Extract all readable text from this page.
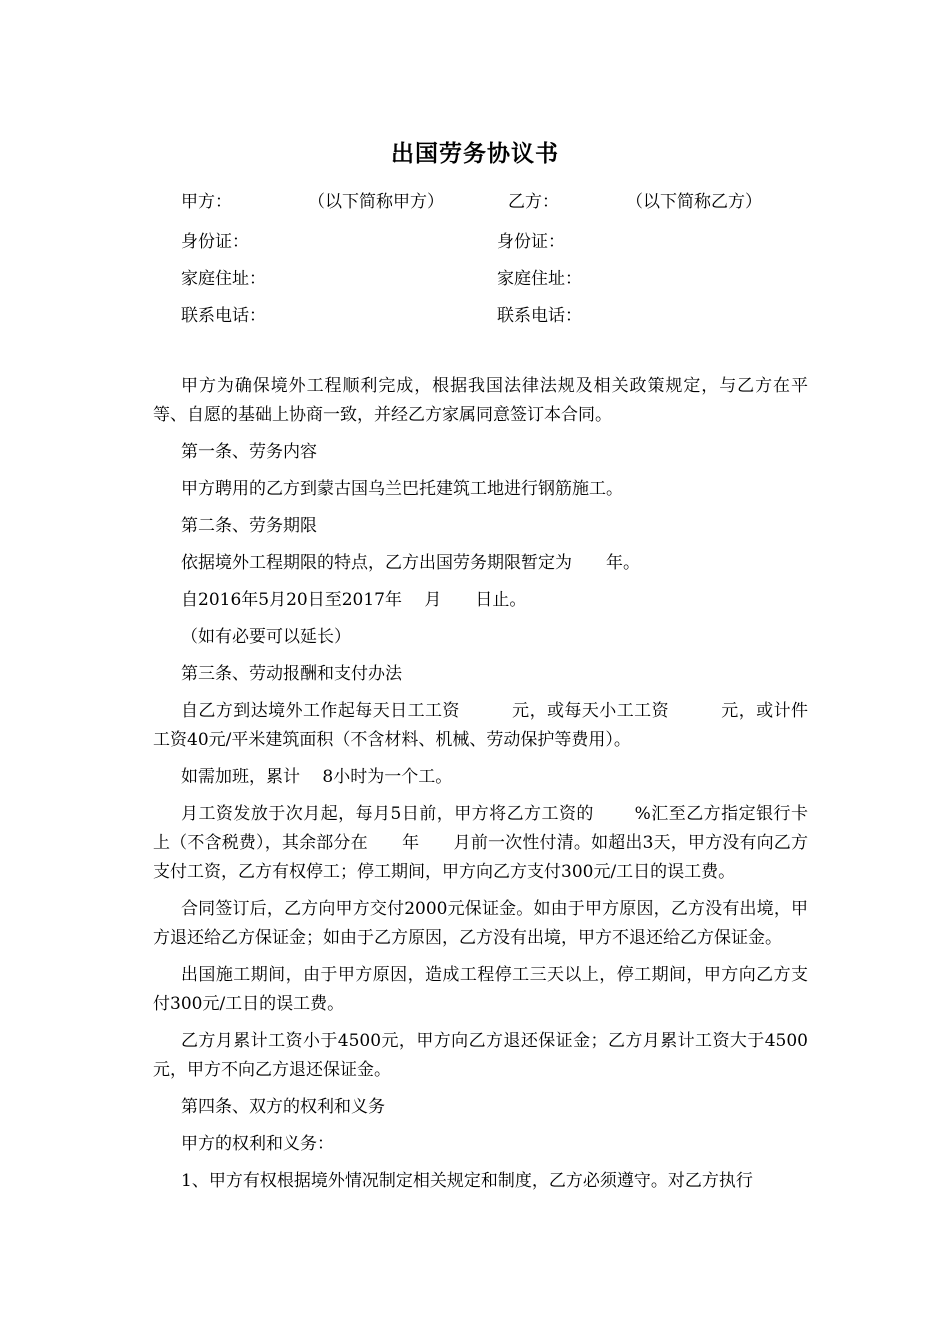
出国劳务协议书
甲方：	（以下简称甲方）	乙方：	（以下简称乙方）
身份证：	身份证：
家庭住址：	家庭住址：
联系电话：	联系电话：

甲方为确保境外工程顺利完成，根据我国法律法规及相关政策规定，与乙方在平等、自愿的基础上协商一致，并经乙方家属同意签订本合同。

第一条、劳务内容

甲方聘用的乙方到蒙古国乌兰巴托建筑工地进行钢筋施工。

第二条、劳务期限

依据境外工程期限的特点，乙方出国劳务期限暂定为　　年。

自2016年5月20日至2017年　 月　　日止。

（如有必要可以延长）

第三条、劳动报酬和支付办法

自乙方到达境外工作起每天日工工资　　　元，或每天小工工资　　　元，或计件工资40元/平米建筑面积（不含材料、机械、劳动保护等费用）。

如需加班，累计　 8小时为一个工。

月工资发放于次月起，每月5日前，甲方将乙方工资的　　 %汇至乙方指定银行卡上（不含税费），其余部分在　　年　　月前一次性付清。如超出3天，甲方没有向乙方支付工资，乙方有权停工；停工期间，甲方向乙方支付300元/工日的误工费。

合同签订后，乙方向甲方交付2000元保证金。如由于甲方原因，乙方没有出境，甲方退还给乙方保证金；如由于乙方原因，乙方没有出境，甲方不退还给乙方保证金。

出国施工期间，由于甲方原因，造成工程停工三天以上，停工期间，甲方向乙方支付300元/工日的误工费。

乙方月累计工资小于4500元，甲方向乙方退还保证金；乙方月累计工资大于4500元，甲方不向乙方退还保证金。

第四条、双方的权利和义务

甲方的权利和义务：

1、甲方有权根据境外情况制定相关规定和制度，乙方必须遵守。对乙方执行
